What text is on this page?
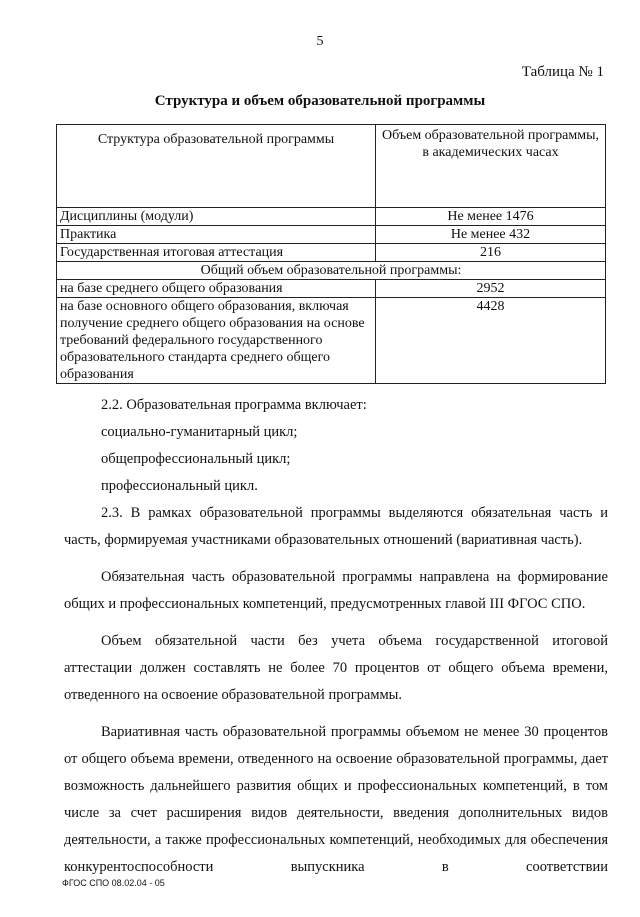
5
Таблица № 1
Структура и объем образовательной программы
Структура образовательной программы	Объем образовательной программы, в академических часах
Дисциплины (модули)	Не менее 1476
Практика	Не менее 432
Государственная итоговая аттестация	216
Общий объем образовательной программы:	
на базе среднего общего образования	2952
на базе основного общего образования, включая получение среднего общего образования на основе требований федерального государственного образовательного стандарта среднего общего образования	4428

2.2. Образовательная программа включает:

социально-гуманитарный цикл;

общепрофессиональный цикл;

профессиональный цикл.

2.3. В рамках образовательной программы выделяются обязательная часть и часть, формируемая участниками образовательных отношений (вариативная часть).

Обязательная часть образовательной программы направлена на формирование общих и профессиональных компетенций, предусмотренных главой III ФГОС СПО.

Объем обязательной части без учета объема государственной итоговой аттестации должен составлять не более 70 процентов от общего объема времени, отведенного на освоение образовательной программы.

Вариативная часть образовательной программы объемом не менее 30 процентов от общего объема времени, отведенного на освоение образовательной программы, дает возможность дальнейшего развития общих и профессиональных компетенций, в том числе за счет расширения видов деятельности, введения дополнительных видов деятельности, а также профессиональных компетенций, необходимых для обеспечения конкурентоспособности выпускника в соответствии

ФГОС СПО 08.02.04 - 05
